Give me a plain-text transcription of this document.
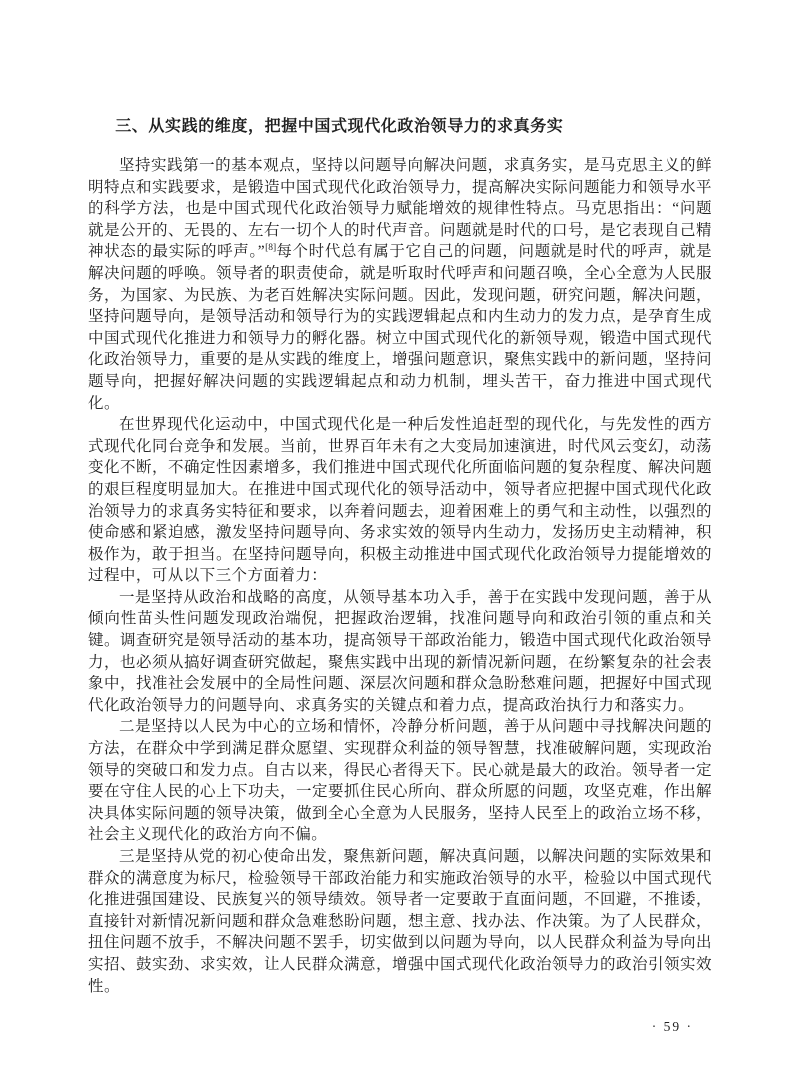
三、从实践的维度，把握中国式现代化政治领导力的求真务实

坚持实践第一的基本观点，坚持以问题导向解决问题，求真务实，是马克思主义的鲜明特点和实践要求，是锻造中国式现代化政治领导力，提高解决实际问题能力和领导水平的科学方法，也是中国式现代化政治领导力赋能增效的规律性特点。马克思指出：“问题就是公开的、无畏的、左右一切个人的时代声音。问题就是时代的口号，是它表现自己精神状态的最实际的呼声。”[8]每个时代总有属于它自己的问题，问题就是时代的呼声，就是解决问题的呼唤。领导者的职责使命，就是听取时代呼声和问题召唤，全心全意为人民服务，为国家、为民族、为老百姓解决实际问题。因此，发现问题，研究问题，解决问题，坚持问题导向，是领导活动和领导行为的实践逻辑起点和内生动力的发力点，是孕育生成中国式现代化推进力和领导力的孵化器。树立中国式现代化的新领导观，锻造中国式现代化政治领导力，重要的是从实践的维度上，增强问题意识，聚焦实践中的新问题，坚持问题导向，把握好解决问题的实践逻辑起点和动力机制，埋头苦干，奋力推进中国式现代化。

在世界现代化运动中，中国式现代化是一种后发性追赶型的现代化，与先发性的西方式现代化同台竞争和发展。当前，世界百年未有之大变局加速演进，时代风云变幻，动荡变化不断，不确定性因素增多，我们推进中国式现代化所面临问题的复杂程度、解决问题的艰巨程度明显加大。在推进中国式现代化的领导活动中，领导者应把握中国式现代化政治领导力的求真务实特征和要求，以奔着问题去，迎着困难上的勇气和主动性，以强烈的使命感和紧迫感，激发坚持问题导向、务求实效的领导内生动力，发扬历史主动精神，积极作为，敢于担当。在坚持问题导向，积极主动推进中国式现代化政治领导力提能增效的过程中，可从以下三个方面着力：

一是坚持从政治和战略的高度，从领导基本功入手，善于在实践中发现问题，善于从倾向性苗头性问题发现政治端倪，把握政治逻辑，找准问题导向和政治引领的重点和关键。调查研究是领导活动的基本功，提高领导干部政治能力，锻造中国式现代化政治领导力，也必须从搞好调查研究做起，聚焦实践中出现的新情况新问题，在纷繁复杂的社会表象中，找准社会发展中的全局性问题、深层次问题和群众急盼愁难问题，把握好中国式现代化政治领导力的问题导向、求真务实的关键点和着力点，提高政治执行力和落实力。

二是坚持以人民为中心的立场和情怀，冷静分析问题，善于从问题中寻找解决问题的方法，在群众中学到满足群众愿望、实现群众利益的领导智慧，找准破解问题，实现政治领导的突破口和发力点。自古以来，得民心者得天下。民心就是最大的政治。领导者一定要在守住人民的心上下功夫，一定要抓住民心所向、群众所愿的问题，攻坚克难，作出解决具体实际问题的领导决策，做到全心全意为人民服务，坚持人民至上的政治立场不移，社会主义现代化的政治方向不偏。

三是坚持从党的初心使命出发，聚焦新问题，解决真问题，以解决问题的实际效果和群众的满意度为标尺，检验领导干部政治能力和实施政治领导的水平，检验以中国式现代化推进强国建设、民族复兴的领导绩效。领导者一定要敢于直面问题，不回避，不推诿，直接针对新情况新问题和群众急难愁盼问题，想主意、找办法、作决策。为了人民群众，扭住问题不放手，不解决问题不罢手，切实做到以问题为导向，以人民群众利益为导向出实招、鼓实劲、求实效，让人民群众满意，增强中国式现代化政治领导力的政治引领实效性。

· 59 ·
